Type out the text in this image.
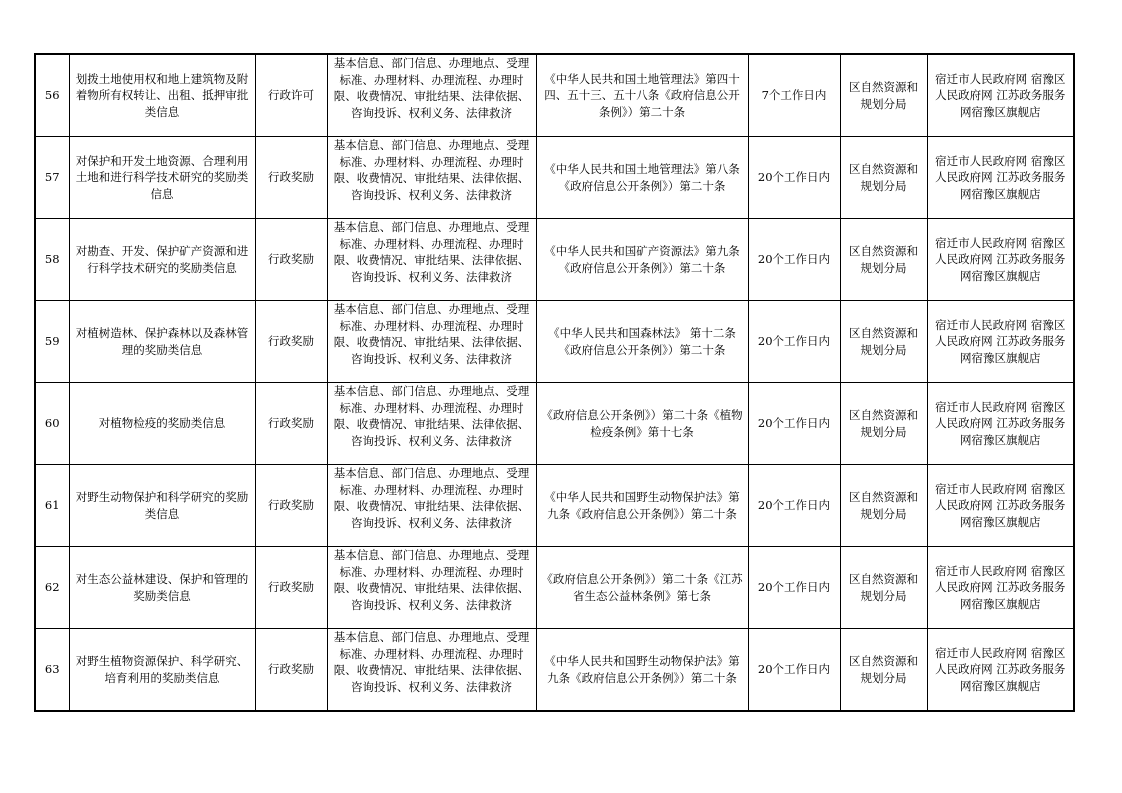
56	划拨土地使用权和地上建筑物及附着物所有权转让、出租、抵押审批类信息	行政许可	基本信息、部门信息、办理地点、受理标准、办理材料、办理流程、办理时限、收费情况、审批结果、法律依据、咨询投诉、权利义务、法律救济	《中华人民共和国土地管理法》第四十四、五十三、五十八条《政府信息公开条例》）第二十条	7个工作日内	区自然资源和规划分局	宿迁市人民政府网 宿豫区人民政府网 江苏政务服务网宿豫区旗舰店
57	对保护和开发土地资源、合理利用土地和进行科学技术研究的奖励类信息	行政奖励	基本信息、部门信息、办理地点、受理标准、办理材料、办理流程、办理时限、收费情况、审批结果、法律依据、咨询投诉、权利义务、法律救济	《中华人民共和国土地管理法》第八条《政府信息公开条例》）第二十条	20个工作日内	区自然资源和规划分局	宿迁市人民政府网 宿豫区人民政府网 江苏政务服务网宿豫区旗舰店
58	对勘查、开发、保护矿产资源和进行科学技术研究的奖励类信息	行政奖励	基本信息、部门信息、办理地点、受理标准、办理材料、办理流程、办理时限、收费情况、审批结果、法律依据、咨询投诉、权利义务、法律救济	《中华人民共和国矿产资源法》第九条《政府信息公开条例》）第二十条	20个工作日内	区自然资源和规划分局	宿迁市人民政府网 宿豫区人民政府网 江苏政务服务网宿豫区旗舰店
59	对植树造林、保护森林以及森林管理的奖励类信息	行政奖励	基本信息、部门信息、办理地点、受理标准、办理材料、办理流程、办理时限、收费情况、审批结果、法律依据、咨询投诉、权利义务、法律救济	《中华人民共和国森林法》 第十二条《政府信息公开条例》）第二十条	20个工作日内	区自然资源和规划分局	宿迁市人民政府网 宿豫区人民政府网 江苏政务服务网宿豫区旗舰店
60	对植物检疫的奖励类信息	行政奖励	基本信息、部门信息、办理地点、受理标准、办理材料、办理流程、办理时限、收费情况、审批结果、法律依据、咨询投诉、权利义务、法律救济	《政府信息公开条例》）第二十条《植物检疫条例》第十七条	20个工作日内	区自然资源和规划分局	宿迁市人民政府网 宿豫区人民政府网 江苏政务服务网宿豫区旗舰店
61	对野生动物保护和科学研究的奖励类信息	行政奖励	基本信息、部门信息、办理地点、受理标准、办理材料、办理流程、办理时限、收费情况、审批结果、法律依据、咨询投诉、权利义务、法律救济	《中华人民共和国野生动物保护法》第九条《政府信息公开条例》）第二十条	20个工作日内	区自然资源和规划分局	宿迁市人民政府网 宿豫区人民政府网 江苏政务服务网宿豫区旗舰店
62	对生态公益林建设、保护和管理的奖励类信息	行政奖励	基本信息、部门信息、办理地点、受理标准、办理材料、办理流程、办理时限、收费情况、审批结果、法律依据、咨询投诉、权利义务、法律救济	《政府信息公开条例》）第二十条《江苏省生态公益林条例》第七条	20个工作日内	区自然资源和规划分局	宿迁市人民政府网 宿豫区人民政府网 江苏政务服务网宿豫区旗舰店
63	对野生植物资源保护、科学研究、培育利用的奖励类信息	行政奖励	基本信息、部门信息、办理地点、受理标准、办理材料、办理流程、办理时限、收费情况、审批结果、法律依据、咨询投诉、权利义务、法律救济	《中华人民共和国野生动物保护法》第九条《政府信息公开条例》）第二十条	20个工作日内	区自然资源和规划分局	宿迁市人民政府网 宿豫区人民政府网 江苏政务服务网宿豫区旗舰店
